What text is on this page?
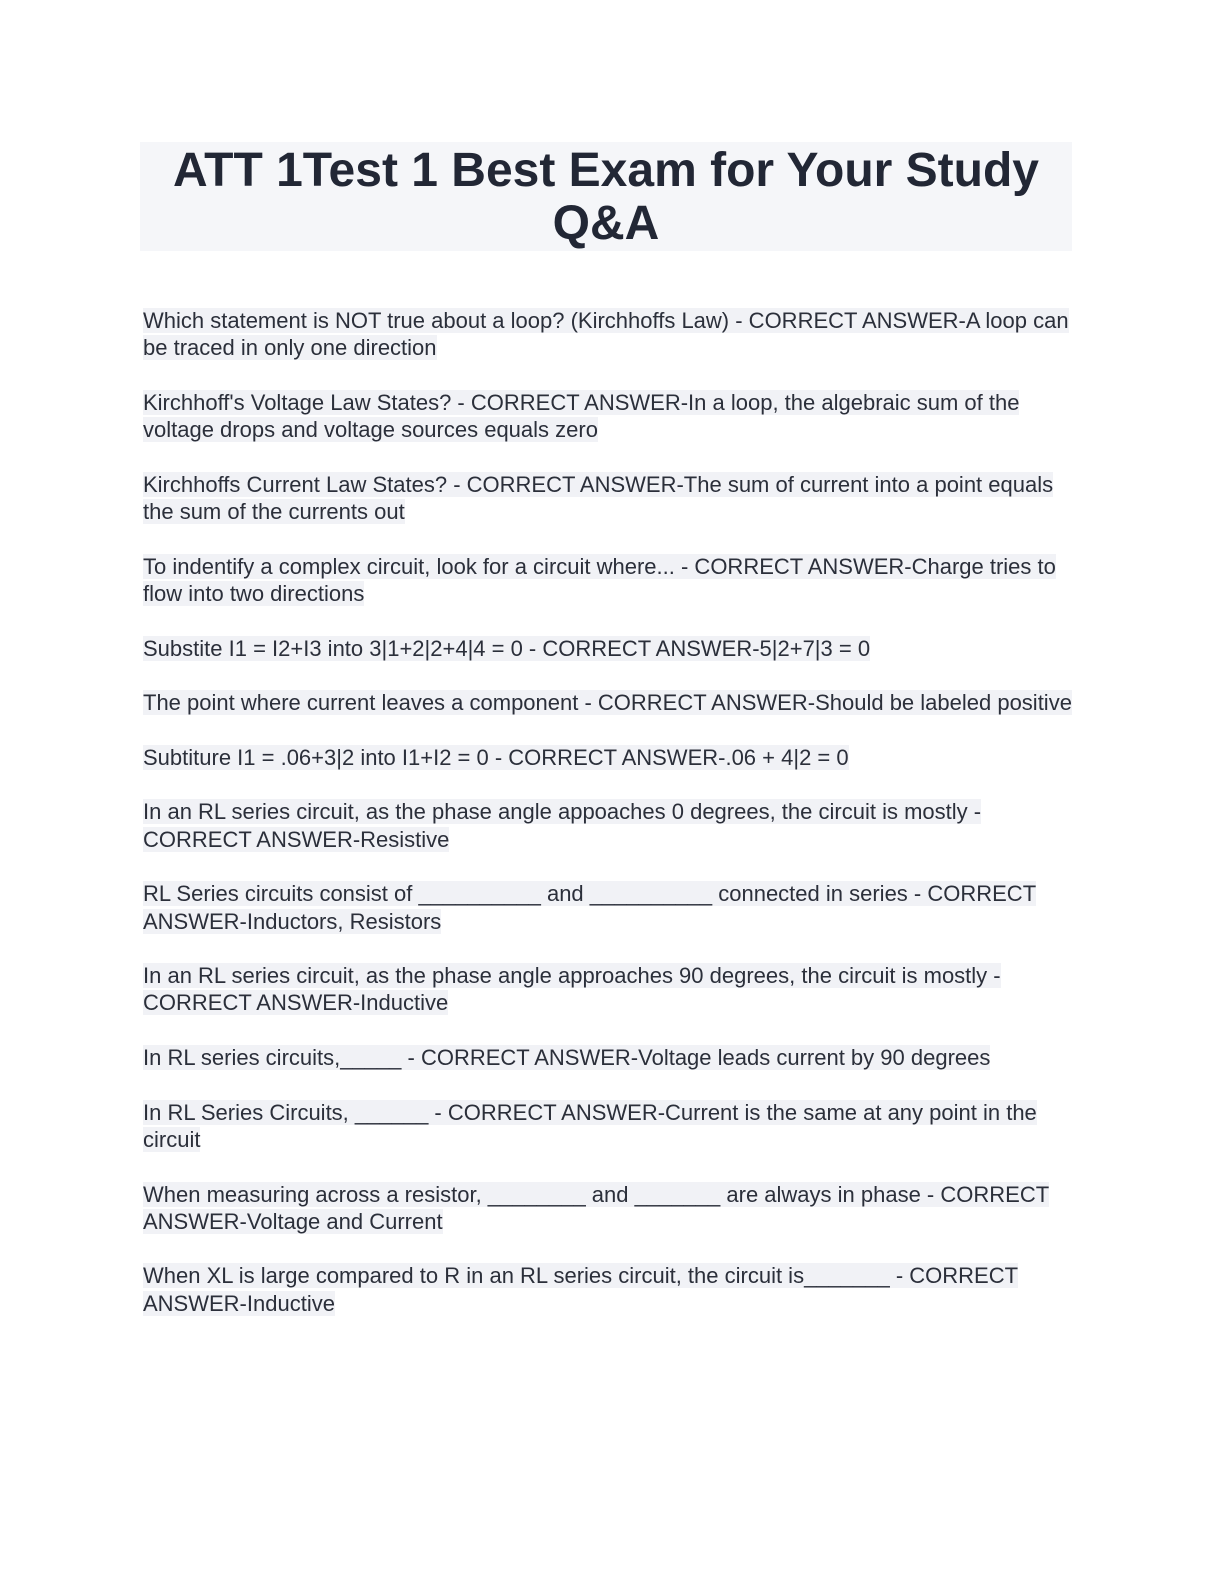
ATT 1Test 1 Best Exam for Your Study Q&A
Which statement is NOT true about a loop? (Kirchhoffs Law) - CORRECT ANSWER-A loop can be traced in only one direction
Kirchhoff's Voltage Law States? - CORRECT ANSWER-In a loop, the algebraic sum of the voltage drops and voltage sources equals zero
Kirchhoffs Current Law States? - CORRECT ANSWER-The sum of current into a point equals the sum of the currents out
To indentify a complex circuit, look for a circuit where... - CORRECT ANSWER-Charge tries to flow into two directions
Substite I1 = I2+I3 into 3|1+2|2+4|4 = 0 - CORRECT ANSWER-5|2+7|3 = 0
The point where current leaves a component - CORRECT ANSWER-Should be labeled positive
Subtiture I1 = .06+3|2 into I1+I2 = 0 - CORRECT ANSWER-.06 + 4|2 = 0
In an RL series circuit, as the phase angle appoaches 0 degrees, the circuit is mostly - CORRECT ANSWER-Resistive
RL Series circuits consist of __________ and __________ connected in series - CORRECT ANSWER-Inductors, Resistors
In an RL series circuit, as the phase angle approaches 90 degrees, the circuit is mostly - CORRECT ANSWER-Inductive
In RL series circuits,_____ - CORRECT ANSWER-Voltage leads current by 90 degrees
In RL Series Circuits, ______ - CORRECT ANSWER-Current is the same at any point in the circuit
When measuring across a resistor, ________ and _______ are always in phase - CORRECT ANSWER-Voltage and Current
When XL is large compared to R in an RL series circuit, the circuit is_______ - CORRECT ANSWER-Inductive
